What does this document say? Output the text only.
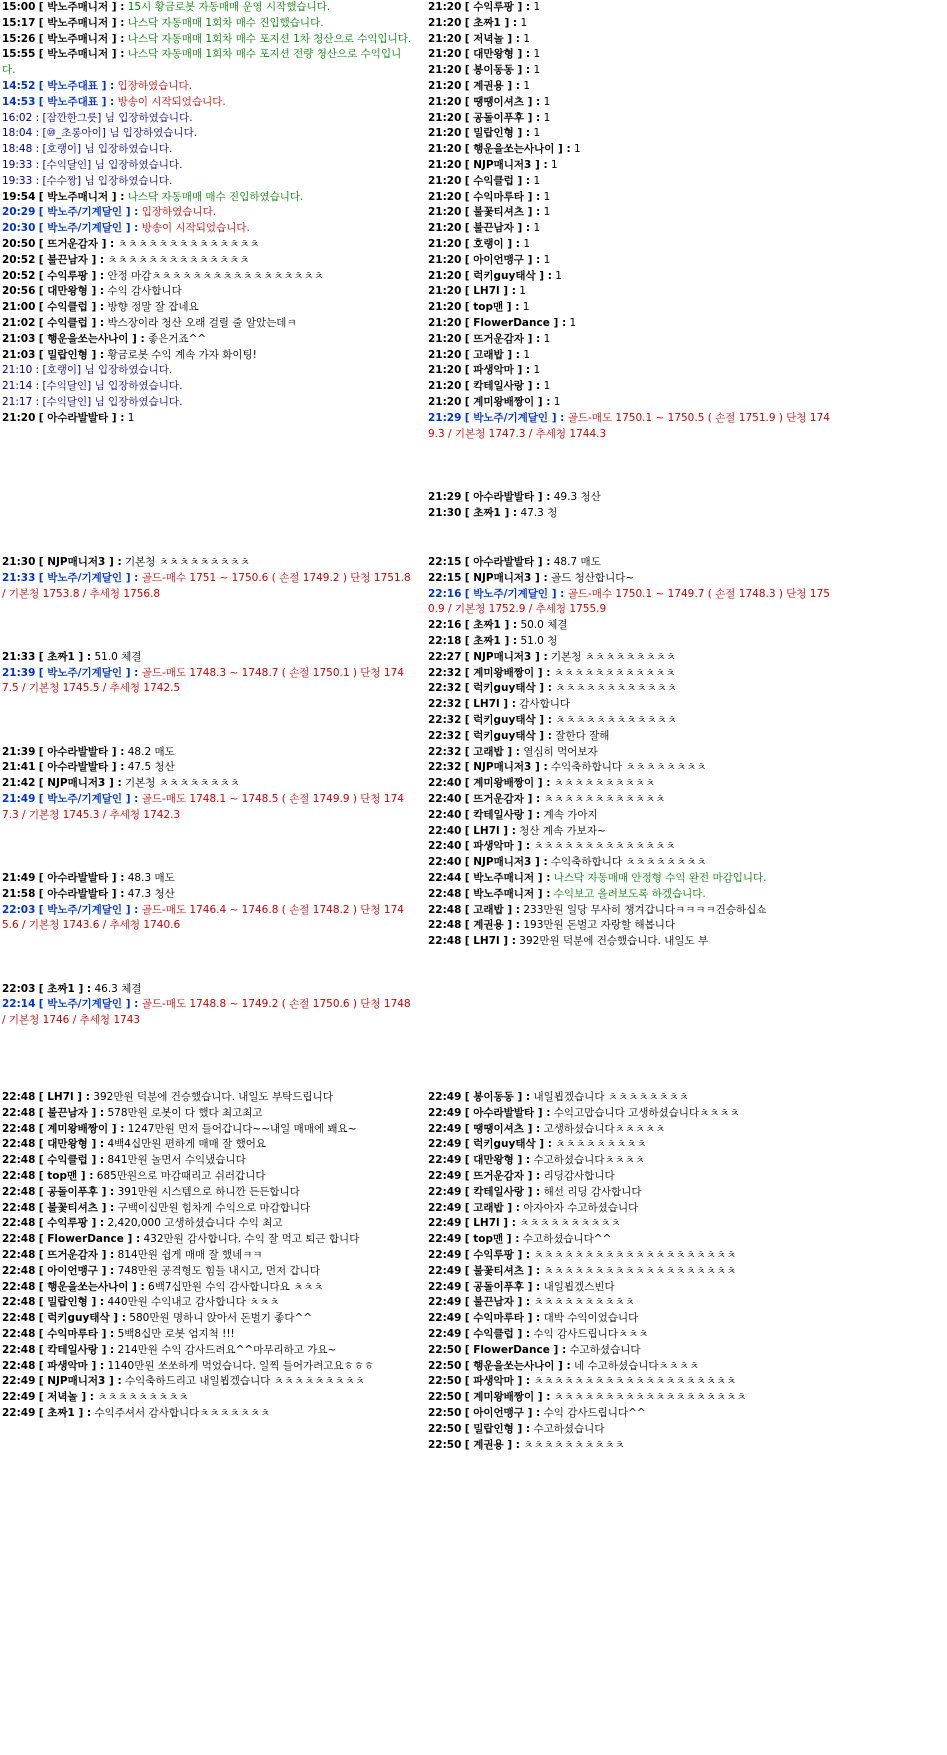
15:00 [ 박노주매니저 ] : 15시 황금로봇 자동매매 운영 시작했습니다.
15:17 [ 박노주매니저 ] : 나스닥 자동매매 1회차 매수 진입했습니다.
15:26 [ 박노주매니저 ] : 나스닥 자동매매 1회차 매수 포지션 1차 청산으로 수익입니다.
15:55 [ 박노주매니저 ] : 나스닥 자동매매 1회차 매수 포지션 전량 청산으로 수익입니다.
14:52 [ 박노주대표 ] : 입장하였습니다.
14:53 [ 박노주대표 ] : 방송이 시작되었습니다.
16:02 : [잠깐한그릇] 님 입장하였습니다.
18:04 : [⑩_초롱아이] 님 입장하였습니다.
18:48 : [호랭이] 님 입장하였습니다.
19:33 : [수익달인] 님 입장하였습니다.
19:33 : [수수짱] 님 입장하였습니다.
19:54 [ 박노주매니저 ] : 나스닥 자동매매 매수 진입하였습니다.
20:29 [ 박노주/기계달인 ] : 입장하였습니다.
20:30 [ 박노주/기계달인 ] : 방송이 시작되었습니다.
20:50 [ 뜨거운감자 ] : ㅊㅊㅊㅊㅊㅊㅊㅊㅊㅊㅊㅊㅊㅊ
20:52 [ 불끈남자 ] : ㅊㅊㅊㅊㅊㅊㅊㅊㅊㅊㅊㅊㅊㅊ
20:52 [ 수익루팡 ] : 안정 마감ㅊㅊㅊㅊㅊㅊㅊㅊㅊㅊㅊㅊㅊㅊㅊㅊㅊ
20:56 [ 대만왕형 ] : 수익 감사합니다
21:00 [ 수익클럽 ] : 방향 정말 잘 잡네요
21:02 [ 수익클럽 ] : 박스장이라 청산 오래 걸릴 줄 알았는데ㅋ
21:03 [ 행운을쏘는사나이 ] : 좋은거죠^^
21:03 [ 밀랍인형 ] : 황금로봇 수익 계속 가자 화이팅!
21:10 : [호랭이] 님 입장하였습니다.
21:14 : [수익달인] 님 입장하였습니다.
21:17 : [수익달인] 님 입장하였습니다.
21:20 [ 아수라발발타 ] : 1
21:20 [ 수익루팡 ] : 1
21:20 [ 초짜1 ] : 1
21:20 [ 저녁놀 ] : 1
21:20 [ 대만왕형 ] : 1
21:20 [ 봉이동동 ] : 1
21:20 [ 계권용 ] : 1
21:20 [ 땡땡이셔츠 ] : 1
21:20 [ 공돌이푸후 ] : 1
21:20 [ 밀랍인형 ] : 1
21:20 [ 행운을쏘는사나이 ] : 1
21:20 [ NJP매니저3 ] : 1
21:20 [ 수익클럽 ] : 1
21:20 [ 수익마루타 ] : 1
21:20 [ 불꽃티셔츠 ] : 1
21:20 [ 불끈남자 ] : 1
21:20 [ 호랭이 ] : 1
21:20 [ 아이언맹구 ] : 1
21:20 [ 럭키guy태삭 ] : 1
21:20 [ LH7l ] : 1
21:20 [ top맨 ] : 1
21:20 [ FlowerDance ] : 1
21:20 [ 뜨거운감자 ] : 1
21:20 [ 고래밥 ] : 1
21:20 [ 파생악마 ] : 1
21:20 [ 칵테일사랑 ] : 1
21:20 [ 계미왕배짱이 ] : 1
21:29 [ 박노주/기계달인 ] : 골드-매도 1750.1 ~ 1750.5 ( 손절 1751.9 ) 단청 1749.3 / 기본청 1747.3 / 추세청 1744.3
21:29 [ 아수라발발타 ] : 49.3 청산
21:30 [ 초짜1 ] : 47.3 청
21:30 [ NJP매니저3 ] : 기본청 ㅊㅊㅊㅊㅊㅊㅊㅊㅊ
21:33 [ 박노주/기계달인 ] : 골드-매수 1751 ~ 1750.6 ( 손절 1749.2 ) 단청 1751.8 / 기본청 1753.8 / 추세청 1756.8
21:33 [ 초짜1 ] : 51.0 체결
21:39 [ 박노주/기계달인 ] : 골드-매도 1748.3 ~ 1748.7 ( 손절 1750.1 ) 단청 1747.5 / 기본청 1745.5 / 추세청 1742.5
21:39 [ 아수라발발타 ] : 48.2 매도
21:41 [ 아수라발발타 ] : 47.5 청산
21:42 [ NJP매니저3 ] : 기본청 ㅊㅊㅊㅊㅊㅊㅊㅊ
21:49 [ 박노주/기계달인 ] : 골드-매도 1748.1 ~ 1748.5 ( 손절 1749.9 ) 단청 1747.3 / 기본청 1745.3 / 추세청 1742.3
21:49 [ 아수라발발타 ] : 48.3 매도
21:58 [ 아수라발발타 ] : 47.3 청산
22:03 [ 박노주/기계달인 ] : 골드-매도 1746.4 ~ 1746.8 ( 손절 1748.2 ) 단청 1745.6 / 기본청 1743.6 / 추세청 1740.6
22:03 [ 초짜1 ] : 46.3 체결
22:14 [ 박노주/기계달인 ] : 골드-매도 1748.8 ~ 1749.2 ( 손절 1750.6 ) 단청 1748 / 기본청 1746 / 추세청 1743
22:15 [ 아수라발발타 ] : 48.7 매도
22:15 [ NJP매니저3 ] : 골드 청산합니다~
22:16 [ 박노주/기계달인 ] : 골드-매수 1750.1 ~ 1749.7 ( 손절 1748.3 ) 단청 1750.9 / 기본청 1752.9 / 추세청 1755.9
22:16 [ 초짜1 ] : 50.0 체결
22:18 [ 초짜1 ] : 51.0 청
22:27 [ NJP매니저3 ] : 기본청 ㅊㅊㅊㅊㅊㅊㅊㅊㅊ
22:32 [ 계미왕배짱이 ] : ㅊㅊㅊㅊㅊㅊㅊㅊㅊㅊㅊㅊ
22:32 [ 럭키guy태삭 ] : ㅊㅊㅊㅊㅊㅊㅊㅊㅊㅊㅊㅊ
22:32 [ LH7l ] : 감사합니다
22:32 [ 럭키guy태삭 ] : ㅊㅊㅊㅊㅊㅊㅊㅊㅊㅊㅊㅊ
22:32 [ 럭키guy태삭 ] : 잘한다 잘해
22:32 [ 고래밥 ] : 열심히 먹어보자
22:32 [ NJP매니저3 ] : 수익축하합니다 ㅊㅊㅊㅊㅊㅊㅊㅊ
22:40 [ 계미왕배짱이 ] : ㅊㅊㅊㅊㅊㅊㅊㅊㅊㅊ
22:40 [ 뜨거운감자 ] : ㅊㅊㅊㅊㅊㅊㅊㅊㅊㅊㅊㅊ
22:40 [ 칵테일사랑 ] : 계속 가아지
22:40 [ LH7l ] : 청산 계속 가보자~
22:40 [ 파생악마 ] : ㅊㅊㅊㅊㅊㅊㅊㅊㅊㅊㅊㅊㅊㅊ
22:40 [ NJP매니저3 ] : 수익축하합니다 ㅊㅊㅊㅊㅊㅊㅊㅊ
22:44 [ 박노주매니저 ] : 나스닥 자동매매 안정형 수익 완전 마감입니다.
22:48 [ 박노주매니저 ] : 수익보고 올려보도록 하겠습니다.
22:48 [ 고래밥 ] : 233만원 일당 무사히 챙겨갑니다ㅋㅋㅋㅋ건승하십쇼
22:48 [ 계권용 ] : 193만원 돈벌고 자랑할 해봅니다
22:48 [ LH7l ] : 392만원 덕분에 건승했습니다. 내일도 부
22:48 [ LH7l ] : 392만원 덕분에 건승했습니다. 내일도 부탁드립니다
22:48 [ 불끈남자 ] : 578만원 로봇이 다 했다 최고최고
22:48 [ 계미왕배짱이 ] : 1247만원 먼저 들어갑니다~~내일 매매에 봬요~
22:48 [ 대만왕형 ] : 4백4십만원 편하게 매매 잘 했어요
22:48 [ 수익클럽 ] : 841만원 놀면서 수익냈습니다
22:48 [ top맨 ] : 685만원으로 마감때리고 쉬러갑니다
22:48 [ 공돌이푸후 ] : 391만원 시스템으로 하니깐 든든합니다
22:48 [ 불꽃티셔츠 ] : 구백이십만원 힘차게 수익으로 마감합니다
22:48 [ 수익루팡 ] : 2,420,000 고생하셨습니다 수익 최고
22:48 [ FlowerDance ] : 432만원 감사합니다. 수익 잘 먹고 퇴근 합니다
22:48 [ 뜨거운감자 ] : 814만원 쉽게 매매 잘 했네ㅋㅋ
22:48 [ 아이언맹구 ] : 748만원 공격형도 힘들 내시고, 먼저 갑니다
22:48 [ 행운을쏘는사나이 ] : 6백7십만원 수익 감사합니다요 ㅊㅊㅊ
22:48 [ 밀랍인형 ] : 440만원 수익내고 감사합니다 ㅊㅊㅊ
22:48 [ 럭키guy태삭 ] : 580만원 명하니 앉아서 돈벌기 좋다^^
22:48 [ 수익마루타 ] : 5백8십만 로봇 엄지척 !!!
22:48 [ 칵테일사랑 ] : 214만원 수익 감사드려요^^마무리하고 가요~
22:48 [ 파생악마 ] : 1140만원 쏘쏘하게 먹었습니다. 일찍 들어가려고요ㅎㅎㅎ
22:49 [ NJP매니저3 ] : 수익축하드리고 내일뵙겠습니다 ㅊㅊㅊㅊㅊㅊㅊㅊㅊ
22:49 [ 저녁놀 ] : ㅊㅊㅊㅊㅊㅊㅊㅊㅊ
22:49 [ 초짜1 ] : 수익주셔서 감사합니다ㅊㅊㅊㅊㅊㅊㅊ
22:49 [ 봉이동동 ] : 내일뵙겠습니다 ㅊㅊㅊㅊㅊㅊㅊㅊ
22:49 [ 아수라발발타 ] : 수익고맙습니다 고생하셨습니다ㅊㅊㅊㅊ
22:49 [ 땡땡이셔츠 ] : 고생하셨습니다ㅊㅊㅊㅊㅊ
22:49 [ 럭키guy태삭 ] : ㅊㅊㅊㅊㅊㅊㅊㅊㅊ
22:49 [ 대만왕형 ] : 수고하셨습니다ㅊㅊㅊㅊ
22:49 [ 뜨거운감자 ] : 리딩감사합니다
22:49 [ 칵테일사랑 ] : 해선 리딩 감사합니다
22:49 [ 고래밥 ] : 아자아자 수고하셨습니다
22:49 [ LH7l ] : ㅊㅊㅊㅊㅊㅊㅊㅊㅊㅊ
22:49 [ top맨 ] : 수고하셨습니다^^
22:49 [ 수익루팡 ] : ㅊㅊㅊㅊㅊㅊㅊㅊㅊㅊㅊㅊㅊㅊㅊㅊㅊㅊㅊㅊ
22:49 [ 불꽃티셔츠 ] : ㅊㅊㅊㅊㅊㅊㅊㅊㅊㅊㅊㅊㅊㅊㅊㅊㅊㅊㅊ
22:49 [ 공돌이푸후 ] : 내일뵙겠스빈다
22:49 [ 불끈남자 ] : ㅊㅊㅊㅊㅊㅊㅊㅊㅊㅊ
22:49 [ 수익마루타 ] : 대박 수익이었습니다
22:49 [ 수익클럽 ] : 수익 감사드립니다ㅊㅊㅊ
22:50 [ FlowerDance ] : 수고하셨습니다
22:50 [ 행운을쏘는사나이 ] : 네 수고하셨습니다ㅊㅊㅊㅊ
22:50 [ 파생악마 ] : ㅊㅊㅊㅊㅊㅊㅊㅊㅊㅊㅊㅊㅊㅊㅊㅊㅊㅊㅊㅊ
22:50 [ 계미왕배짱이 ] : ㅊㅊㅊㅊㅊㅊㅊㅊㅊㅊㅊㅊㅊㅊㅊㅊㅊㅊㅊ
22:50 [ 아이언맹구 ] : 수익 감사드립니다^^
22:50 [ 밀랍인형 ] : 수고하셨습니다
22:50 [ 계권용 ] : ㅊㅊㅊㅊㅊㅊㅊㅊㅊㅊ
